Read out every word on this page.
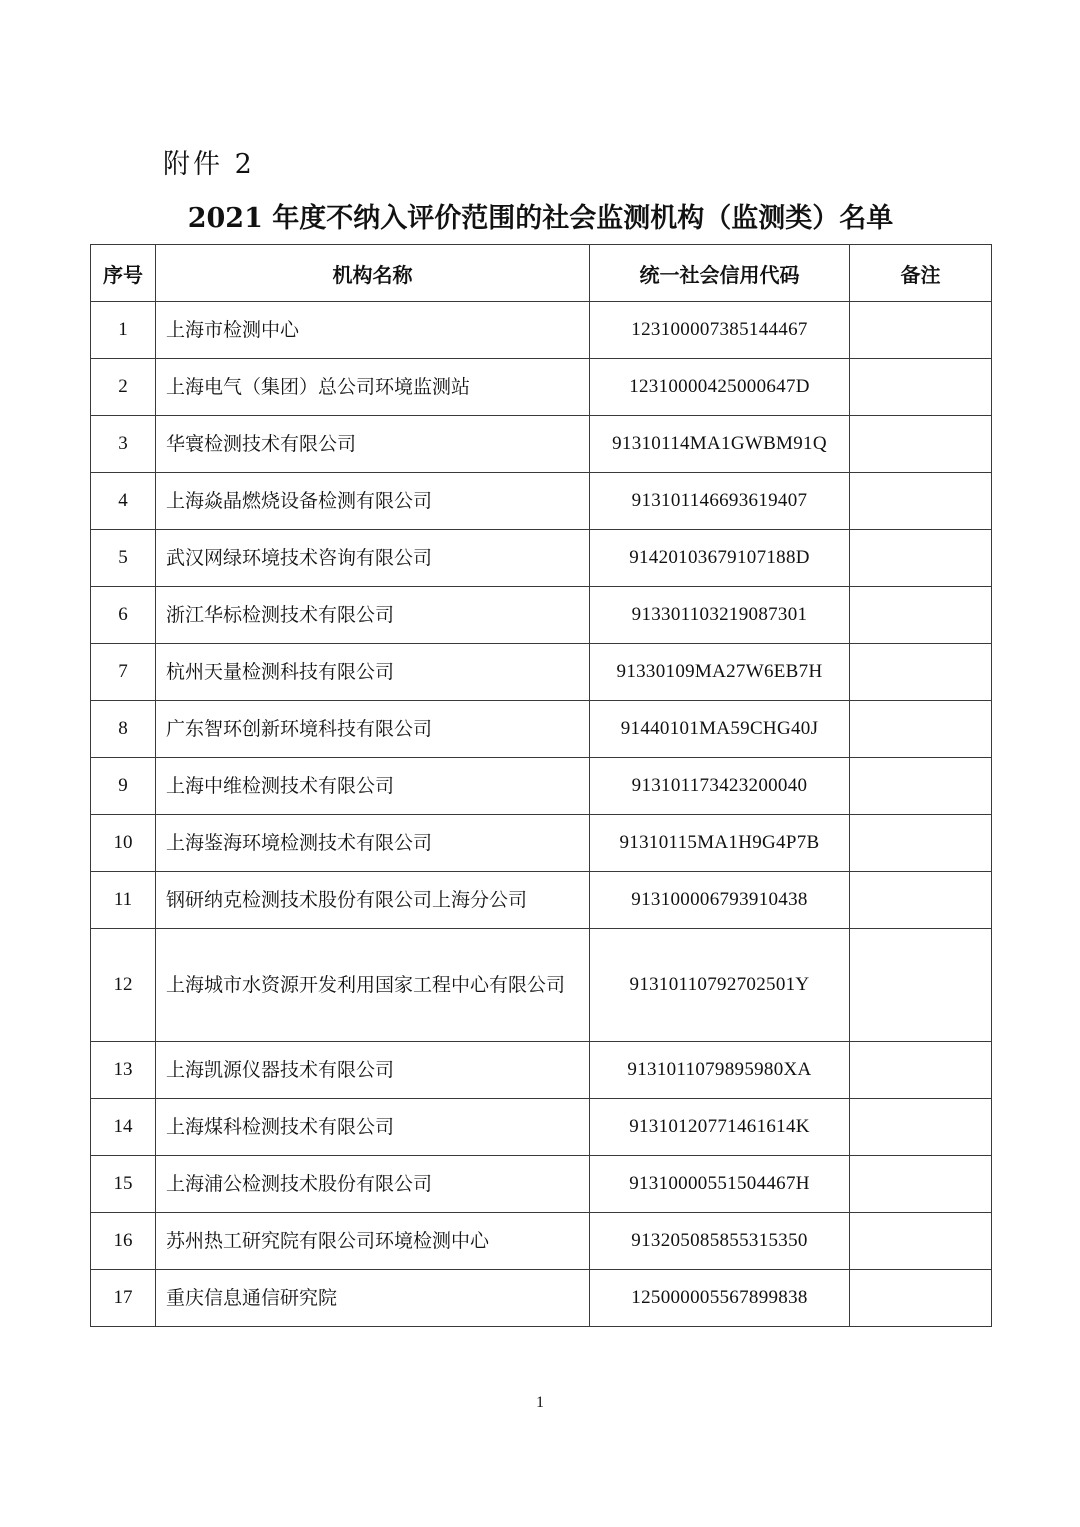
附件 2
2021 年度不纳入评价范围的社会监测机构（监测类）名单
序号	机构名称	统一社会信用代码	备注
1	上海市检测中心	123100007385144467	
2	上海电气（集团）总公司环境监测站	12310000425000647D	
3	华寰检测技术有限公司	91310114MA1GWBM91Q	
4	上海焱晶燃烧设备检测有限公司	913101146693619407	
5	武汉网绿环境技术咨询有限公司	91420103679107188D	
6	浙江华标检测技术有限公司	913301103219087301	
7	杭州天量检测科技有限公司	91330109MA27W6EB7H	
8	广东智环创新环境科技有限公司	91440101MA59CHG40J	
9	上海中维检测技术有限公司	913101173423200040	
10	上海鉴海环境检测技术有限公司	91310115MA1H9G4P7B	
11	钢研纳克检测技术股份有限公司上海分公司	913100006793910438	
12	上海城市水资源开发利用国家工程中心有限公司	91310110792702501Y	
13	上海凯源仪器技术有限公司	9131011079895980XA	
14	上海煤科检测技术有限公司	91310120771461614K	
15	上海浦公检测技术股份有限公司	91310000551504467H	
16	苏州热工研究院有限公司环境检测中心	913205085855315350	
17	重庆信息通信研究院	125000005567899838	
1
